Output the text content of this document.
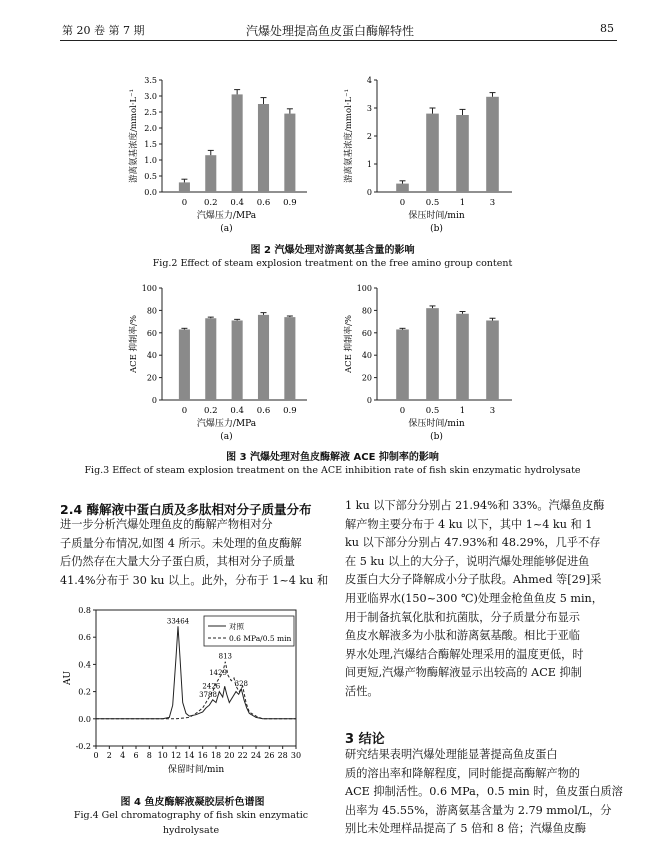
第 20 卷 第 7 期	汽爆处理提高鱼皮蛋白酶解特性	85
0.0
0.5
1.0
1.5
2.0
2.5
3.0
3.5
0 0.2 0.4 0.6 0.9
汽爆压力/MPa
(a)
游离氨基浓度/mmol·L⁻¹
0
1
2
3
4
0 0.5 1	3
保压时间/min
(b)
游离氨基浓度/mmol·L⁻¹
图 2 汽爆处理对游离氨基含量的影响
Fig.2 Effect of steam explosion treatment on the free amino group content
0
20
40
60
80
100
0 0.2 0.4 0.6 0.9
汽爆压力/MPa
(a)
ACE 抑制率/%
0
20
40
60
80
100
0 0.5 1	3
保压时间/min
(b)
ACE 抑制率/%
图 3 汽爆处理对鱼皮酶解液 ACE 抑制率的影响
Fig.3 Effect of steam explosion treatment on the ACE inhibition rate of fish skin enzymatic hydrolysate
2.4 酶解液中蛋白质及多肽相对分子质量分布
进一步分析汽爆处理鱼皮的酶解产物相对分
子质量分布情况,如图 4 所示。未处理的鱼皮酶解
后仍然存在大量大分子蛋白质，其相对分子质量
41.4%分布于 30 ku 以上。此外，分布于 1~4 ku 和
-0.2
0.0
0.2
0.4
0.6
0.8
0 2 4 6 8 10 12 14 16 18 20 22 24 26 28 30
保留时间/min
AU
对照
0.6 MPa/0.5 min
33464
1429
813
2426
3788
328
图 4 鱼皮酶解液凝胶层析色谱图
Fig.4 Gel chromatography of fish skin enzymatic
hydrolysate
1 ku 以下部分分别占 21.94%和 33%。汽爆鱼皮酶
解产物主要分布于 4 ku 以下，其中 1~4 ku 和 1
ku 以下部分分别占 47.93%和 48.29%，几乎不存
在 5 ku 以上的大分子，说明汽爆处理能够促进鱼
皮蛋白大分子降解成小分子肽段。Ahmed 等[29]采
用亚临界水(150~300 ℃)处理金枪鱼鱼皮 5 min，
用于制备抗氧化肽和抗菌肽，分子质量分布显示
鱼皮水解液多为小肽和游离氨基酸。相比于亚临
界水处理,汽爆结合酶解处理采用的温度更低，时
间更短,汽爆产物酶解液显示出较高的 ACE 抑制
活性。
3 结论
研究结果表明汽爆处理能显著提高鱼皮蛋白
质的溶出率和降解程度，同时能提高酶解产物的
ACE 抑制活性。0.6 MPa，0.5 min 时，鱼皮蛋白质溶
出率为 45.55%，游离氨基含量为 2.79 mmol/L，分
别比未处理样品提高了 5 倍和 8 倍；汽爆鱼皮酶
